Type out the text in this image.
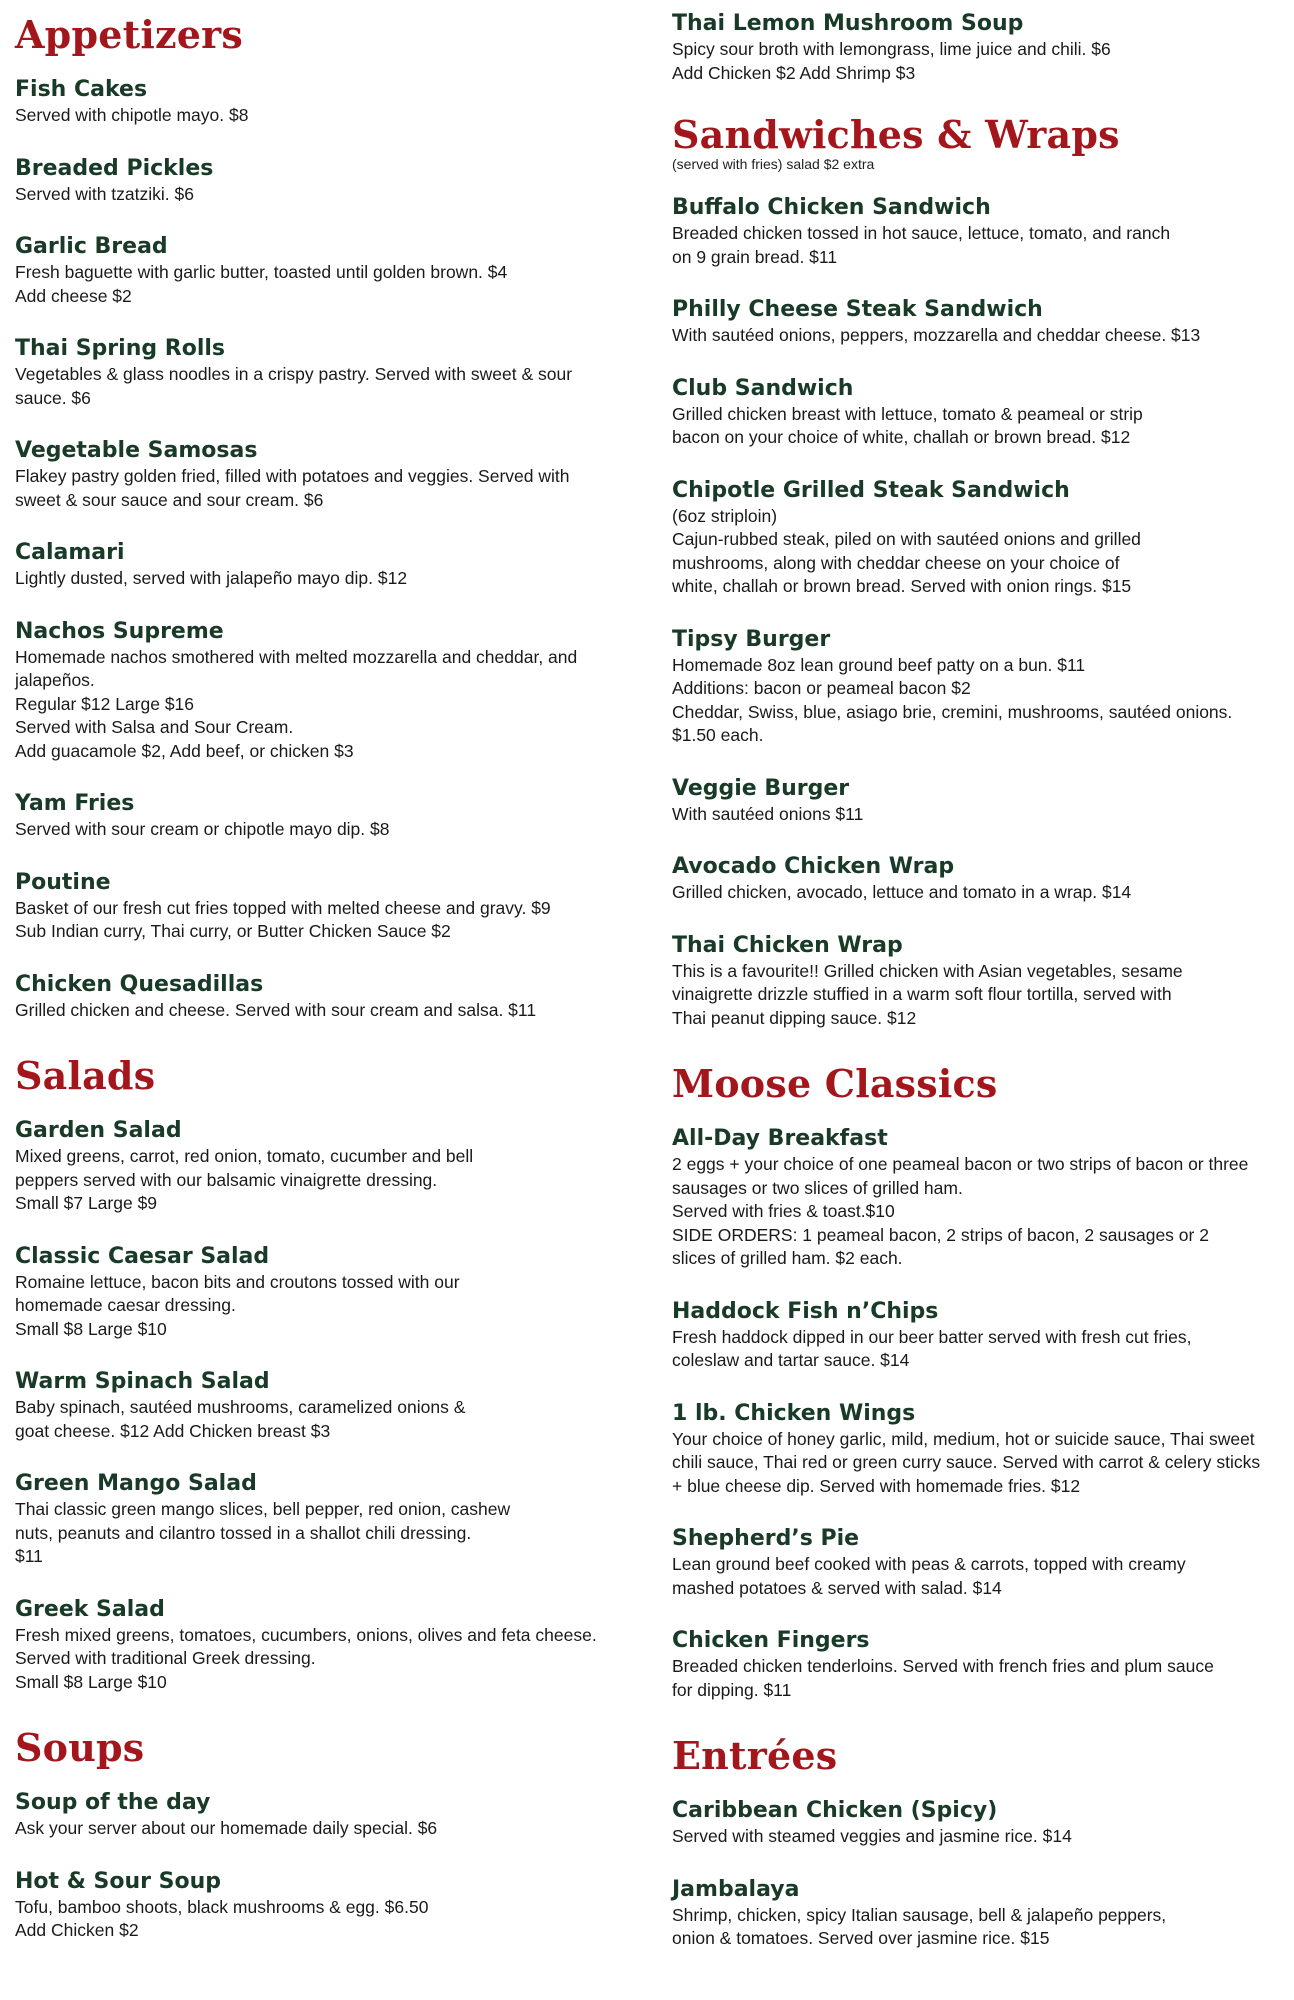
Appetizers

Fish Cakes

Served with chipotle mayo. $8

Breaded Pickles

Served with tzatziki. $6

Garlic Bread

Fresh baguette with garlic butter, toasted until golden brown. $4

Add cheese $2

Thai Spring Rolls

Vegetables & glass noodles in a crispy pastry. Served with sweet & sour

sauce. $6

Vegetable Samosas

Flakey pastry golden fried, filled with potatoes and veggies. Served with

sweet & sour sauce and sour cream. $6

Calamari

Lightly dusted, served with jalapeño mayo dip. $12

Nachos Supreme

Homemade nachos smothered with melted mozzarella and cheddar, and

jalapeños.

Regular $12 Large $16

Served with Salsa and Sour Cream.

Add guacamole $2, Add beef, or chicken $3

Yam Fries

Served with sour cream or chipotle mayo dip. $8

Poutine

Basket of our fresh cut fries topped with melted cheese and gravy. $9

Sub Indian curry, Thai curry, or Butter Chicken Sauce $2

Chicken Quesadillas

Grilled chicken and cheese. Served with sour cream and salsa. $11

Salads

Garden Salad

Mixed greens, carrot, red onion, tomato, cucumber and bell

peppers served with our balsamic vinaigrette dressing.

Small $7 Large $9

Classic Caesar Salad

Romaine lettuce, bacon bits and croutons tossed with our

homemade caesar dressing.

Small $8 Large $10

Warm Spinach Salad

Baby spinach, sautéed mushrooms, caramelized onions &

goat cheese. $12 Add Chicken breast $3

Green Mango Salad

Thai classic green mango slices, bell pepper, red onion, cashew

nuts, peanuts and cilantro tossed in a shallot chili dressing.

$11

Greek Salad

Fresh mixed greens, tomatoes, cucumbers, onions, olives and feta cheese.

Served with traditional Greek dressing.

Small $8 Large $10

Soups

Soup of the day

Ask your server about our homemade daily special. $6

Hot & Sour Soup

Tofu, bamboo shoots, black mushrooms & egg. $6.50

Add Chicken $2

Thai Lemon Mushroom Soup

Spicy sour broth with lemongrass, lime juice and chili. $6

Add Chicken $2 Add Shrimp $3

Sandwiches & Wraps

(served with fries) salad $2 extra

Buffalo Chicken Sandwich

Breaded chicken tossed in hot sauce, lettuce, tomato, and ranch

on 9 grain bread. $11

Philly Cheese Steak Sandwich

With sautéed onions, peppers, mozzarella and cheddar cheese. $13

Club Sandwich

Grilled chicken breast with lettuce, tomato & peameal or strip

bacon on your choice of white, challah or brown bread. $12

Chipotle Grilled Steak Sandwich

(6oz striploin)

Cajun-rubbed steak, piled on with sautéed onions and grilled

mushrooms, along with cheddar cheese on your choice of

white, challah or brown bread. Served with onion rings. $15

Tipsy Burger

Homemade 8oz lean ground beef patty on a bun. $11

Additions: bacon or peameal bacon $2

Cheddar, Swiss, blue, asiago brie, cremini, mushrooms, sautéed onions.

$1.50 each.

Veggie Burger

With sautéed onions $11

Avocado Chicken Wrap

Grilled chicken, avocado, lettuce and tomato in a wrap. $14

Thai Chicken Wrap

This is a favourite!! Grilled chicken with Asian vegetables, sesame

vinaigrette drizzle stuffied in a warm soft flour tortilla, served with

Thai peanut dipping sauce. $12

Moose Classics

All-Day Breakfast

2 eggs + your choice of one peameal bacon or two strips of bacon or three

sausages or two slices of grilled ham.

Served with fries & toast.$10

SIDE ORDERS: 1 peameal bacon, 2 strips of bacon, 2 sausages or 2

slices of grilled ham. $2 each.

Haddock Fish n’Chips

Fresh haddock dipped in our beer batter served with fresh cut fries,

coleslaw and tartar sauce. $14

1 lb. Chicken Wings

Your choice of honey garlic, mild, medium, hot or suicide sauce, Thai sweet

chili sauce, Thai red or green curry sauce. Served with carrot & celery sticks

+ blue cheese dip. Served with homemade fries. $12

Shepherd’s Pie

Lean ground beef cooked with peas & carrots, topped with creamy

mashed potatoes & served with salad. $14

Chicken Fingers

Breaded chicken tenderloins. Served with french fries and plum sauce

for dipping. $11

Entrées

Caribbean Chicken (Spicy)

Served with steamed veggies and jasmine rice. $14

Jambalaya

Shrimp, chicken, spicy Italian sausage, bell & jalapeño peppers,

onion & tomatoes. Served over jasmine rice. $15
